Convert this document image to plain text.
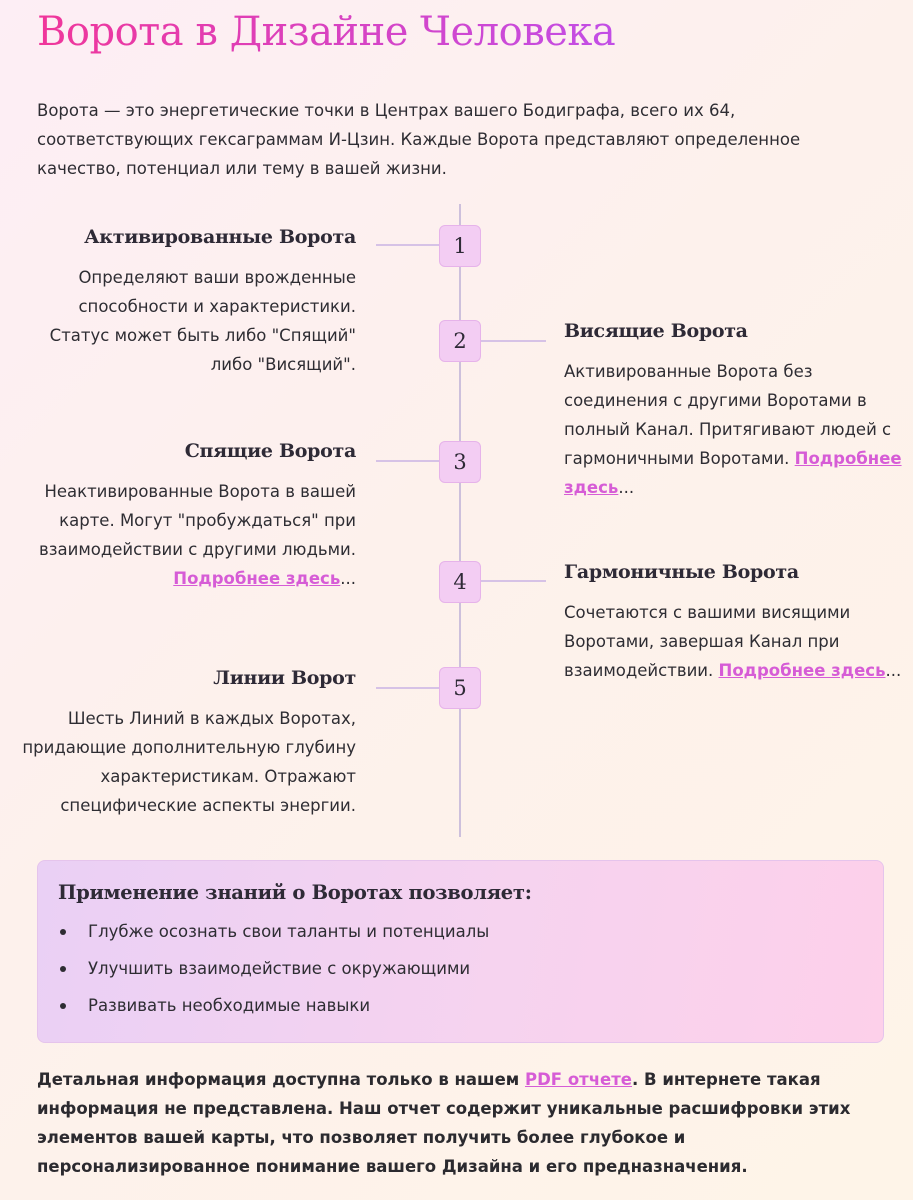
Ворота в Дизайне Человека

Ворота — это энергетические точки в Центрах вашего Бодиграфа, всего их 64, соответствующих гексаграммам И-Цзин. Каждые Ворота представляют определенное качество, потенциал или тему в вашей жизни.

1
2
3
4
5
Активированные Ворота

Определяют ваши врожденные способности и характеристики. Статус может быть либо "Спящий" либо "Висящий".

Висящие Ворота

Активированные Ворота без соединения с другими Воротами в полный Канал. Притягивают людей с гармоничными Воротами. Подробнее здесь...

Спящие Ворота

Неактивированные Ворота в вашей карте. Могут "пробуждаться" при взаимодействии с другими людьми. Подробнее здесь...	Гармоничные Ворота

Сочетаются с вашими висящими Воротами, завершая Канал при взаимодействии. Подробнее здесь...

Линии Ворот

Шесть Линий в каждых Воротах, придающие дополнительную глубину характеристикам. Отражают специфические аспекты энергии.

Применение знаний о Воротах позволяет:
Глубже осознать свои таланты и потенциалы
Улучшить взаимодействие с окружающими
Развивать необходимые навыки

Детальная информация доступна только в нашем PDF отчете. В интернете такая информация не представлена. Наш отчет содержит уникальные расшифровки этих элементов вашей карты, что позволяет получить более глубокое и персонализированное понимание вашего Дизайна и его предназначения.
